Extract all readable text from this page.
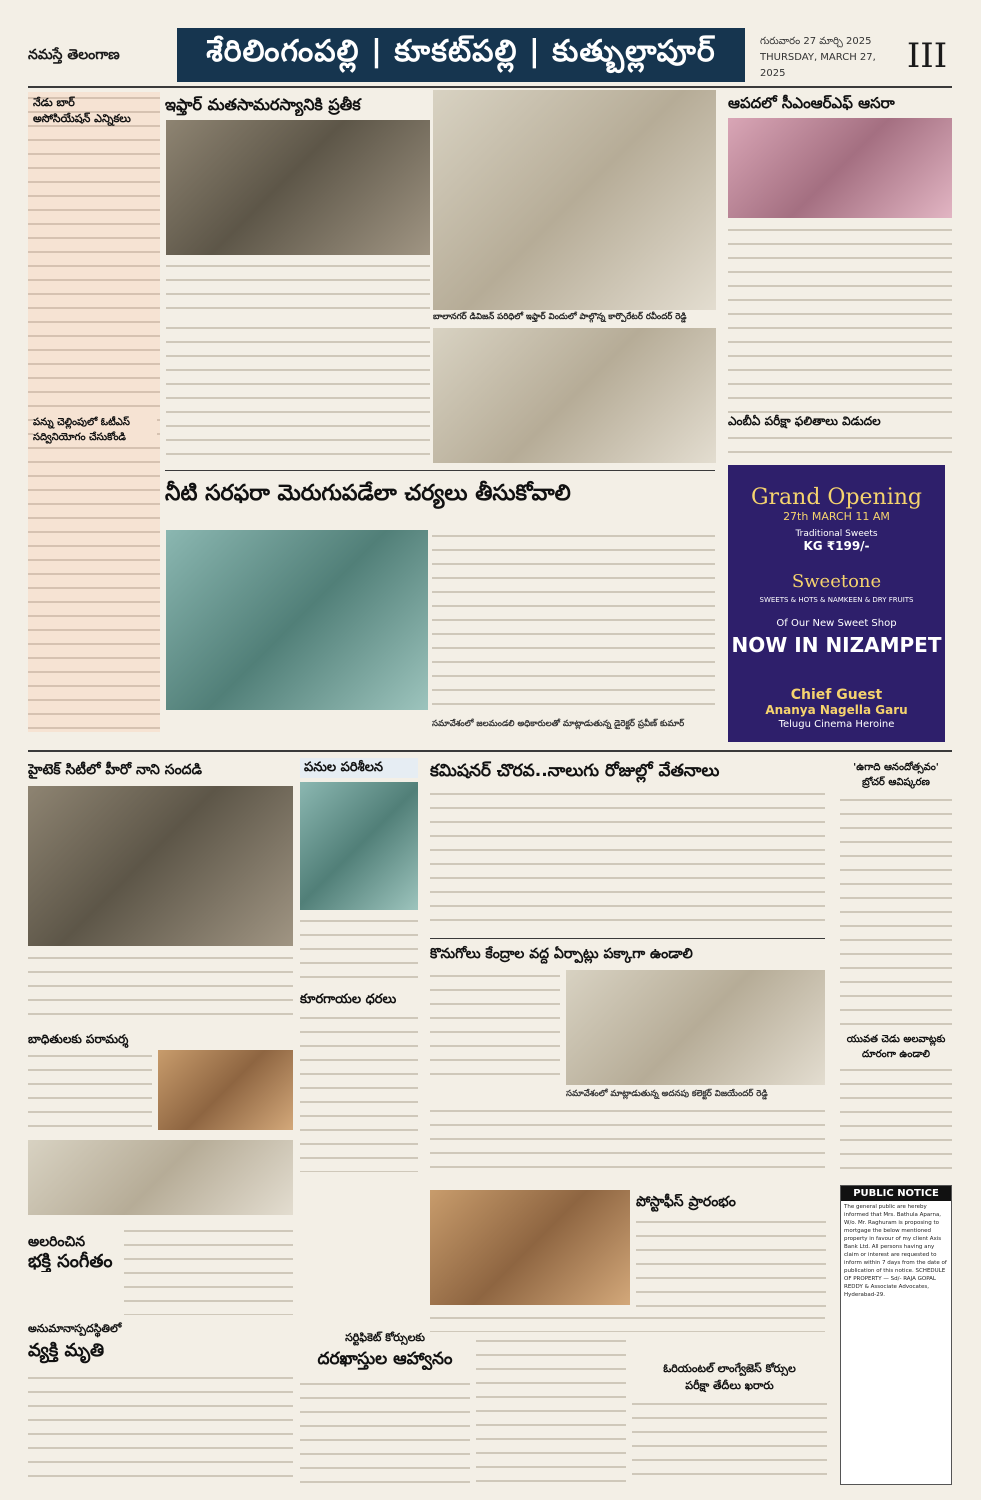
నమస్తే తెలంగాణ	శేరిలింగంపల్లి | కూకట్‌పల్లి | కుత్బుల్లాపూర్	గురువారం 27 మార్చి 2025
THURSDAY, MARCH 27, 2025	III
నేడు బార్
అసోసియేషన్ ఎన్నికలు
పన్ను చెల్లింపులో ఓటీఎస్
సద్వినియోగం చేసుకోండి
ఇఫ్తార్ మతసామరస్యానికి ప్రతీక
బాలానగర్ డివిజన్ పరిధిలో ఇఫ్తార్ విందులో పాల్గొన్న కార్పొరేటర్ రవీందర్ రెడ్డి
ఆపదలో సీఎంఆర్ఎఫ్ ఆసరా
ఎంబీఏ పరీక్షా ఫలితాలు విడుదల
Grand Opening
27th MARCH 11 AM
Traditional Sweets
KG ₹199/-
Sweetone
SWEETS & HOTS & NAMKEEN & DRY FRUITS
Of Our New Sweet Shop
NOW IN NIZAMPET
Chief Guest
Ananya Nagella Garu
Telugu Cinema Heroine
నీటి సరఫరా మెరుగుపడేలా చర్యలు తీసుకోవాలి
సమావేశంలో జలమండలి అధికారులతో మాట్లాడుతున్న డైరెక్టర్ ప్రవీణ్ కుమార్
హైటెక్ సిటీలో హీరో నాని సందడి
బాధితులకు పరామర్శ
అలరించిన
భక్తి సంగీతం
అనుమానాస్పదస్థితిలో
వ్యక్తి మృతి
పనుల పరిశీలన
కూరగాయల ధరలు
కమిషనర్ చొరవ..నాలుగు రోజుల్లో వేతనాలు	'ఉగాది ఆనందోత్సవం'
బ్రోచర్ ఆవిష్కరణ
యువత చెడు అలవాట్లకు దూరంగా ఉండాలి
కొనుగోలు కేంద్రాల వద్ద ఏర్పాట్లు పక్కాగా ఉండాలి
సమావేశంలో మాట్లాడుతున్న అదనపు కలెక్టర్ విజయేందర్ రెడ్డి
పోస్టాఫీస్ ప్రారంభం
సర్టిఫికెట్ కోర్సులకు
దరఖాస్తుల ఆహ్వానం	ఓరియంటల్ లాంగ్వేజెస్ కోర్సుల
పరీక్షా తేదీలు ఖరారు
PUBLIC NOTICE
The general public are hereby informed that Mrs. Bathula Aparna, W/o. Mr. Raghuram is proposing to mortgage the below mentioned property in favour of my client Axis Bank Ltd. All persons having any claim or interest are requested to inform within 7 days from the date of publication of this notice. SCHEDULE OF PROPERTY — Sd/- RAJA GOPAL REDDY & Associate Advocates, Hyderabad-29.
